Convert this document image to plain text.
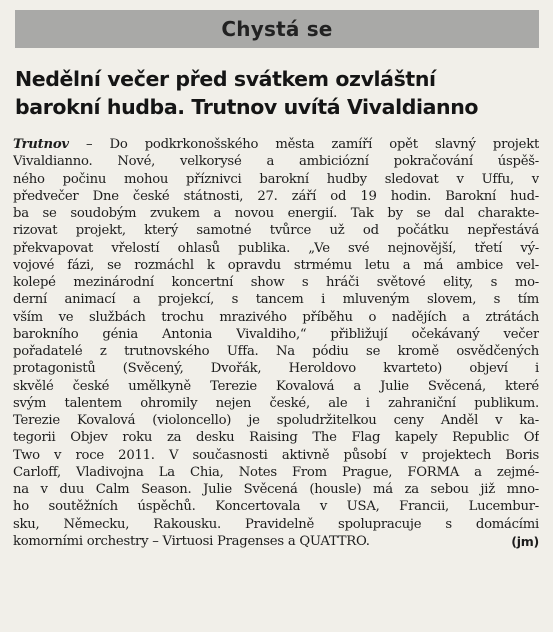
Chystá se
Nedělní večer před svátkem ozvláštní
barokní hudba. Trutnov uvítá Vivaldianno
Trutnov – Do podkrkonošského města zamíří opět slavný projekt
Vivaldianno. Nové, velkorysé a ambiciózní pokračování úspěš-
ného počinu mohou příznivci barokní hudby sledovat v Uffu, v
předvečer Dne české státnosti, 27. září od 19 hodin. Barokní hud-
ba se soudobým zvukem a novou energií. Tak by se dal charakte-
rizovat projekt, který samotné tvůrce už od počátku nepřestává
překvapovat vřelostí ohlasů publika. „Ve své nejnovější, třetí vý-
vojové fázi, se rozmáchl k opravdu strmému letu a má ambice vel-
kolepé mezinárodní koncertní show s hráči světové elity, s mo-
derní animací a projekcí, s tancem i mluveným slovem, s tím
vším ve službách trochu mrazivého příběhu o nadějích a ztrátách
barokního génia Antonia Vivaldiho,“ přibližují očekávaný večer
pořadatelé z trutnovského Uffa. Na pódiu se kromě osvědčených
protagonistů (Svěcený, Dvořák, Heroldovo kvarteto) objeví i
skvělé české umělkyně Terezie Kovalová a Julie Svěcená, které
svým talentem ohromily nejen české, ale i zahraniční publikum.
Terezie Kovalová (violoncello) je spoludržitelkou ceny Anděl v ka-
tegorii Objev roku za desku Raising The Flag kapely Republic Of
Two v roce 2011. V současnosti aktivně působí v projektech Boris
Carloff, Vladivojna La Chia, Notes From Prague, FORMA a zejmé-
na v duu Calm Season. Julie Svěcená (housle) má za sebou již mno-
ho soutěžních úspěchů. Koncertovala v USA, Francii, Lucembur-
sku, Německu, Rakousku. Pravidelně spolupracuje s domácími
(jm)
komorními orchestry – Virtuosi Pragenses a QUATTRO.
